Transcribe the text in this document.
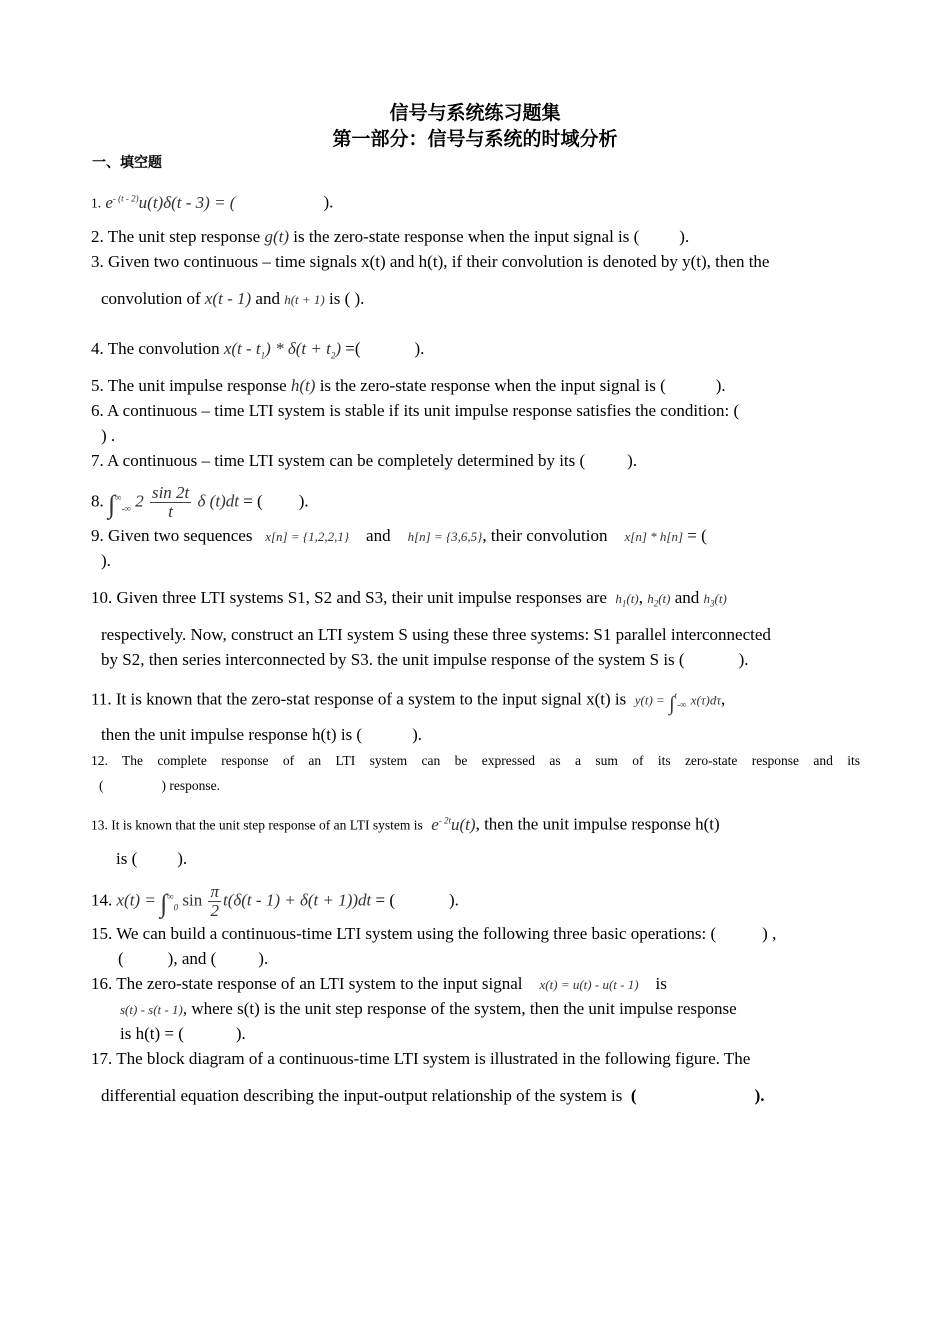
信号与系统练习题集
第一部分：信号与系统的时域分析
一、填空题
1. $e^{- (t - 2)}u(t)\delta(t - 3)$ = (	).
2. The unit step response g(t) is the zero-state response when the input signal is ( ).
3. Given two continuous – time signals x(t) and h(t), if their convolution is denoted by y(t), then the
convolution of x(t - 1) and h(t + 1) is ( ).
4. The convolution $x(t - t_1) * \delta(t + t_2)$ =(	).
5. The unit impulse response h(t) is the zero-state response when the input signal is (	).
6. A continuous – time LTI system is stable if its unit impulse response satisfies the condition: (
) .
7. A continuous – time LTI system can be completely determined by its ( ).
8. $\int^\infty_{-\infty}$ $2 \frac{\sin 2t}{t}$ δ (t)dt = ( ).
9. Given two sequences x[n] = {1,2,2,1} and h[n] = {3,6,5}, their convolution x[n] * h[n] = (
).
10. Given three LTI systems S1, S2 and S3, their unit impulse responses are $h_1(t)$, $h_2(t)$ and $h_3(t)$
respectively. Now, construct an LTI system S using these three systems: S1 parallel interconnected
by S2, then series interconnected by S3. the unit impulse response of the system S is (	).
11. It is known that the zero-stat response of a system to the input signal x(t) is y(t) = ∫$^t_{-\infty}$ x(τ)dτ,
then the unit impulse response h(t) is (	).
12. The complete response of an LTI system can be expressed as a sum of its zero-state response and its
(	) response.
13. It is known that the unit step response of an LTI system is $e^{- 2t}u(t)$, then the unit impulse response h(t)
is ( ).
14. $x(t) = \int^\infty_0$ $\sin \frac{\pi}{2} t(\delta(t - 1) + \delta(t + 1))dt$ = (	).
15. We can build a continuous-time LTI system using the following three basic operations: (	) ,
(	), and ( ).
16. The zero-state response of an LTI system to the input signal x(t) = u(t) - u(t - 1) is
s(t) - s(t - 1), where s(t) is the unit step response of the system, then the unit impulse response
is h(t) = (	).
17. The block diagram of a continuous-time LTI system is illustrated in the following figure. The
differential equation describing the input-output relationship of the system is (	).
